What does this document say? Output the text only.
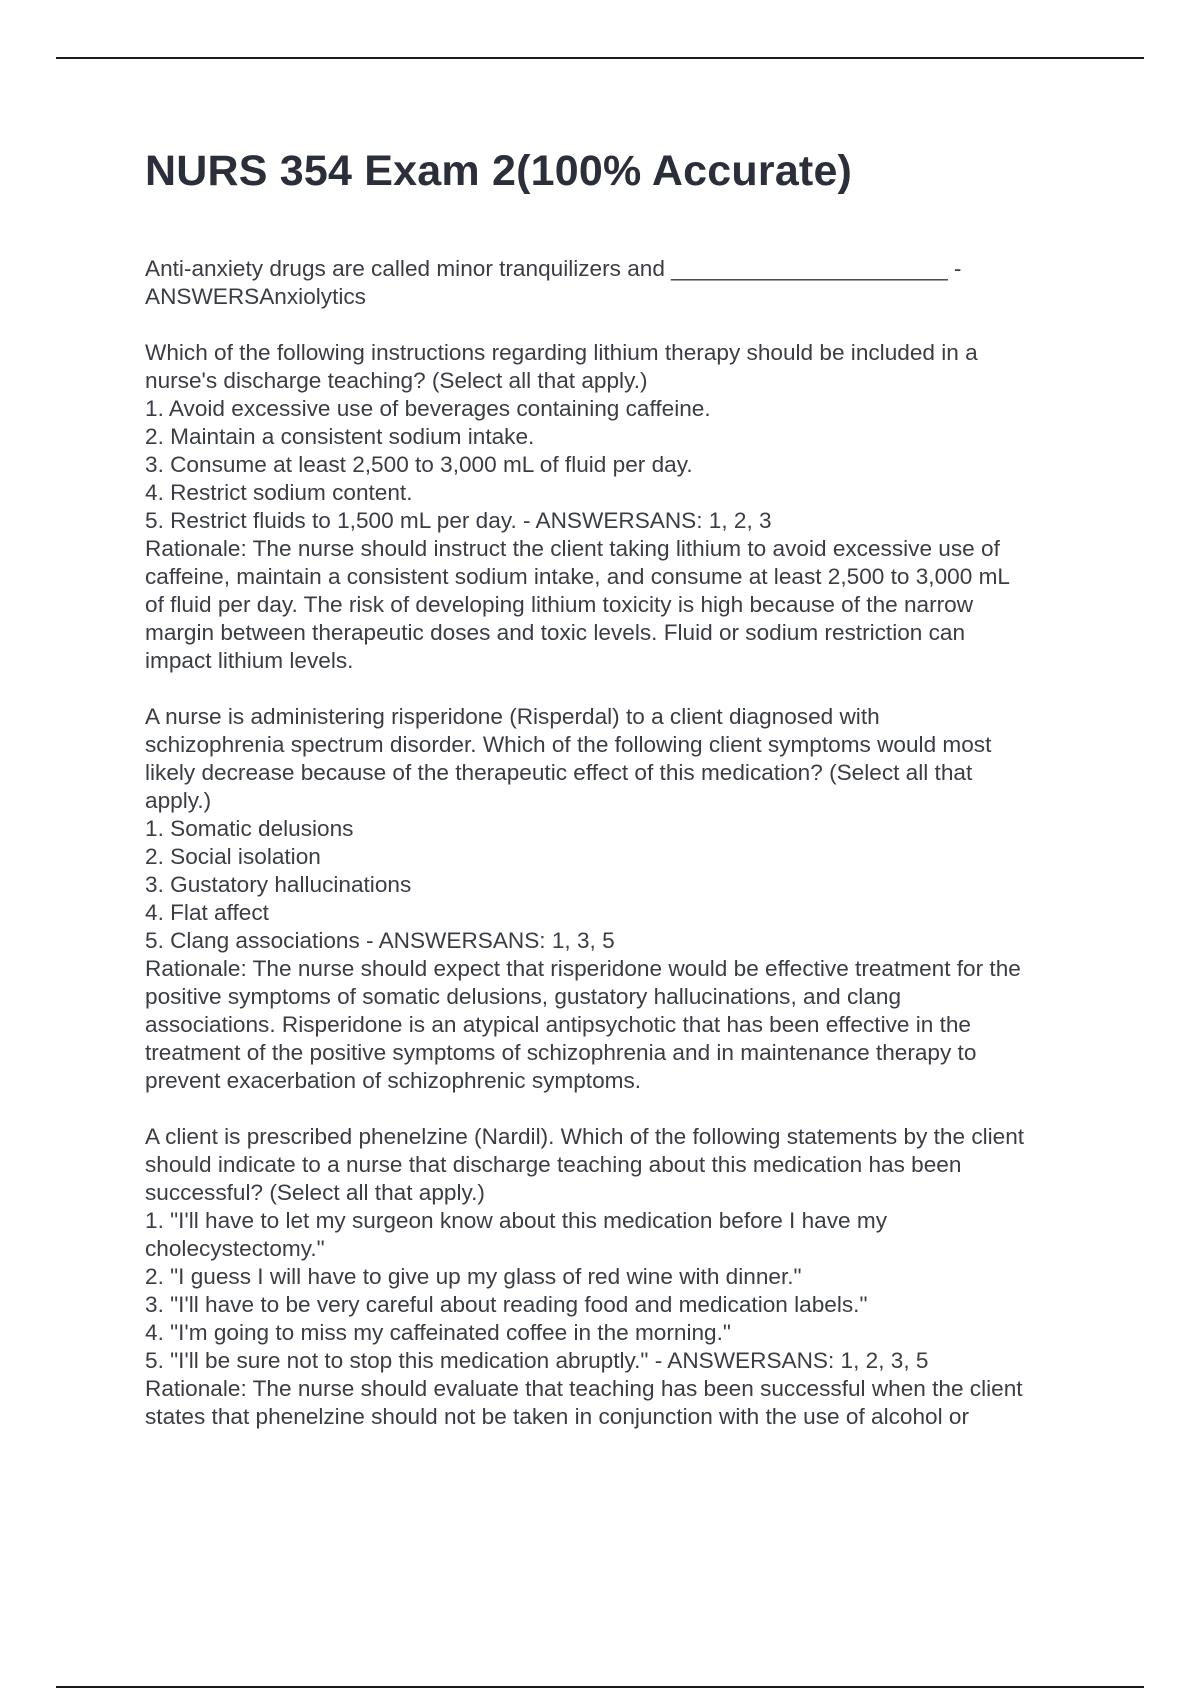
NURS 354 Exam 2(100% Accurate)
Anti-anxiety drugs are called minor tranquilizers and ______________________ -
ANSWERSAnxiolytics
Which of the following instructions regarding lithium therapy should be included in a
nurse's discharge teaching? (Select all that apply.)
1. Avoid excessive use of beverages containing caffeine.
2. Maintain a consistent sodium intake.
3. Consume at least 2,500 to 3,000 mL of fluid per day.
4. Restrict sodium content.
5. Restrict fluids to 1,500 mL per day. - ANSWERSANS: 1, 2, 3
Rationale: The nurse should instruct the client taking lithium to avoid excessive use of
caffeine, maintain a consistent sodium intake, and consume at least 2,500 to 3,000 mL
of fluid per day. The risk of developing lithium toxicity is high because of the narrow
margin between therapeutic doses and toxic levels. Fluid or sodium restriction can
impact lithium levels.
A nurse is administering risperidone (Risperdal) to a client diagnosed with
schizophrenia spectrum disorder. Which of the following client symptoms would most
likely decrease because of the therapeutic effect of this medication? (Select all that
apply.)
1. Somatic delusions
2. Social isolation
3. Gustatory hallucinations
4. Flat affect
5. Clang associations - ANSWERSANS: 1, 3, 5
Rationale: The nurse should expect that risperidone would be effective treatment for the
positive symptoms of somatic delusions, gustatory hallucinations, and clang
associations. Risperidone is an atypical antipsychotic that has been effective in the
treatment of the positive symptoms of schizophrenia and in maintenance therapy to
prevent exacerbation of schizophrenic symptoms.
A client is prescribed phenelzine (Nardil). Which of the following statements by the client
should indicate to a nurse that discharge teaching about this medication has been
successful? (Select all that apply.)
1. "I'll have to let my surgeon know about this medication before I have my
cholecystectomy."
2. "I guess I will have to give up my glass of red wine with dinner."
3. "I'll have to be very careful about reading food and medication labels."
4. "I'm going to miss my caffeinated coffee in the morning."
5. "I'll be sure not to stop this medication abruptly." - ANSWERSANS: 1, 2, 3, 5
Rationale: The nurse should evaluate that teaching has been successful when the client
states that phenelzine should not be taken in conjunction with the use of alcohol or
